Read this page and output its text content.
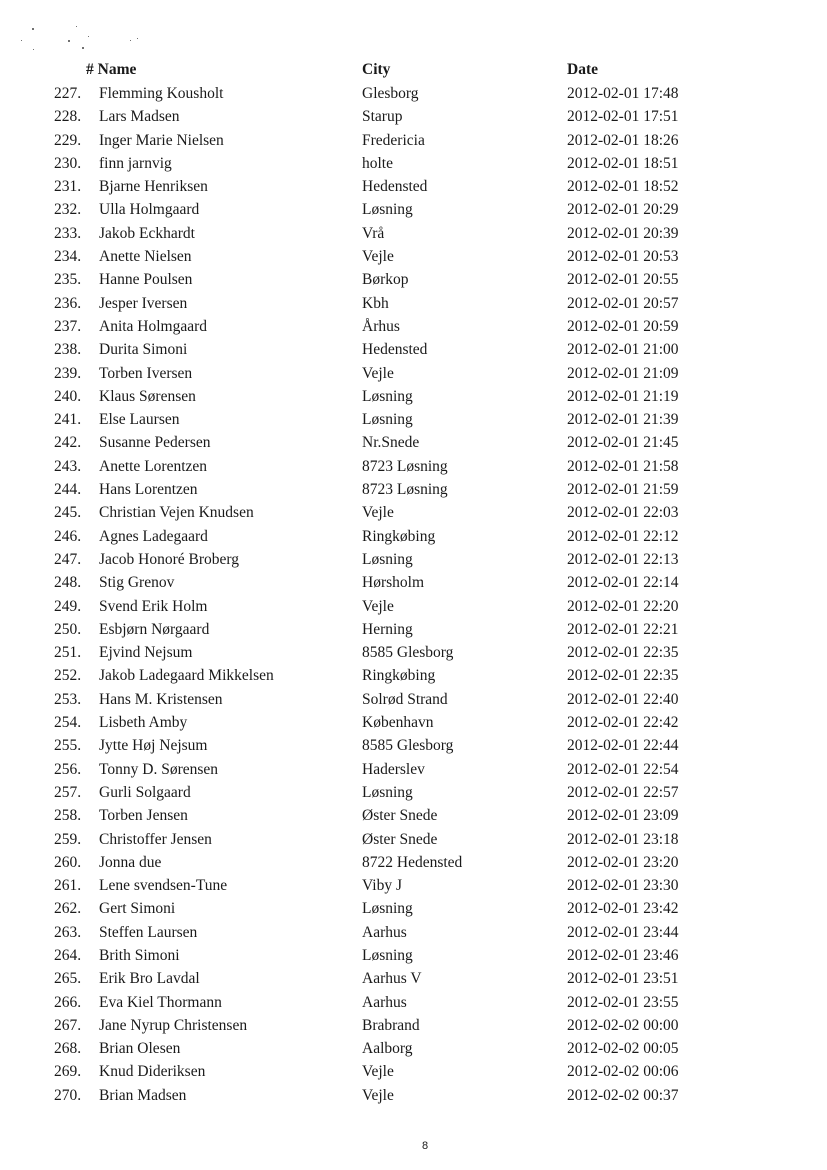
# Name	City	Date
227.	Flemming Kousholt	Glesborg	2012-02-01 17:48
228.	Lars Madsen	Starup	2012-02-01 17:51
229.	Inger Marie Nielsen	Fredericia	2012-02-01 18:26
230.	finn jarnvig	holte	2012-02-01 18:51
231.	Bjarne Henriksen	Hedensted	2012-02-01 18:52
232.	Ulla Holmgaard	Løsning	2012-02-01 20:29
233.	Jakob Eckhardt	Vrå	2012-02-01 20:39
234.	Anette Nielsen	Vejle	2012-02-01 20:53
235.	Hanne Poulsen	Børkop	2012-02-01 20:55
236.	Jesper Iversen	Kbh	2012-02-01 20:57
237.	Anita Holmgaard	Århus	2012-02-01 20:59
238.	Durita Simoni	Hedensted	2012-02-01 21:00
239.	Torben Iversen	Vejle	2012-02-01 21:09
240.	Klaus Sørensen	Løsning	2012-02-01 21:19
241.	Else Laursen	Løsning	2012-02-01 21:39
242.	Susanne Pedersen	Nr.Snede	2012-02-01 21:45
243.	Anette Lorentzen	8723 Løsning	2012-02-01 21:58
244.	Hans Lorentzen	8723 Løsning	2012-02-01 21:59
245.	Christian Vejen Knudsen	Vejle	2012-02-01 22:03
246.	Agnes Ladegaard	Ringkøbing	2012-02-01 22:12
247.	Jacob Honoré Broberg	Løsning	2012-02-01 22:13
248.	Stig Grenov	Hørsholm	2012-02-01 22:14
249.	Svend Erik Holm	Vejle	2012-02-01 22:20
250.	Esbjørn Nørgaard	Herning	2012-02-01 22:21
251.	Ejvind Nejsum	8585 Glesborg	2012-02-01 22:35
252.	Jakob Ladegaard Mikkelsen	Ringkøbing	2012-02-01 22:35
253.	Hans M. Kristensen	Solrød Strand	2012-02-01 22:40
254.	Lisbeth Amby	København	2012-02-01 22:42
255.	Jytte Høj Nejsum	8585 Glesborg	2012-02-01 22:44
256.	Tonny D. Sørensen	Haderslev	2012-02-01 22:54
257.	Gurli Solgaard	Løsning	2012-02-01 22:57
258.	Torben Jensen	Øster Snede	2012-02-01 23:09
259.	Christoffer Jensen	Øster Snede	2012-02-01 23:18
260.	Jonna due	8722 Hedensted	2012-02-01 23:20
261.	Lene svendsen-Tune	Viby J	2012-02-01 23:30
262.	Gert Simoni	Løsning	2012-02-01 23:42
263.	Steffen Laursen	Aarhus	2012-02-01 23:44
264.	Brith Simoni	Løsning	2012-02-01 23:46
265.	Erik Bro Lavdal	Aarhus V	2012-02-01 23:51
266.	Eva Kiel Thormann	Aarhus	2012-02-01 23:55
267.	Jane Nyrup Christensen	Brabrand	2012-02-02 00:00
268.	Brian Olesen	Aalborg	2012-02-02 00:05
269.	Knud Dideriksen	Vejle	2012-02-02 00:06
270.	Brian Madsen	Vejle	2012-02-02 00:37
8
